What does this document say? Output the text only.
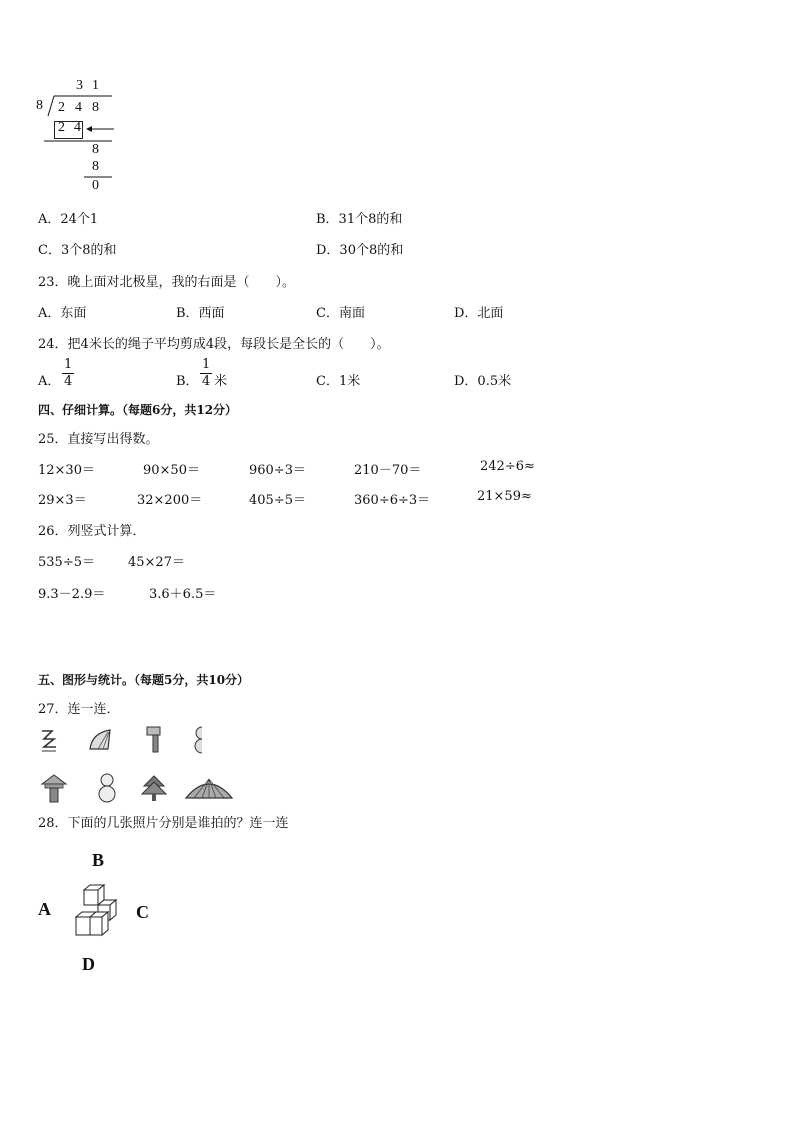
3 1
8 2 4 8
2 4
8
8
0
A．24个1	B．31个8的和
C．3个8的和	D．30个8的和
23．晚上面对北极星，我的右面是（　　）。
A．东面	B．西面	C．南面	D．北面
24．把4米长的绳子平均剪成4段，每段长是全长的（　　）。
A． $\frac{1}{4}$	B． $\frac{1}{4}$ 米	C．1米	D．0.5米
四、仔细计算。（每题6分，共12分）
25．直接写出得数。
12×30＝	90×50＝	960÷3＝	210－70＝	242÷6≈
29×3＝	32×200＝	405÷5＝	360÷6÷3＝	21×59≈
26．列竖式计算．
535÷5＝	45×27＝
9.3－2.9＝	3.6＋6.5＝
五、图形与统计。（每题5分，共10分）
27．连一连．
28．下面的几张照片分别是谁拍的？连一连
B
A	C
D
